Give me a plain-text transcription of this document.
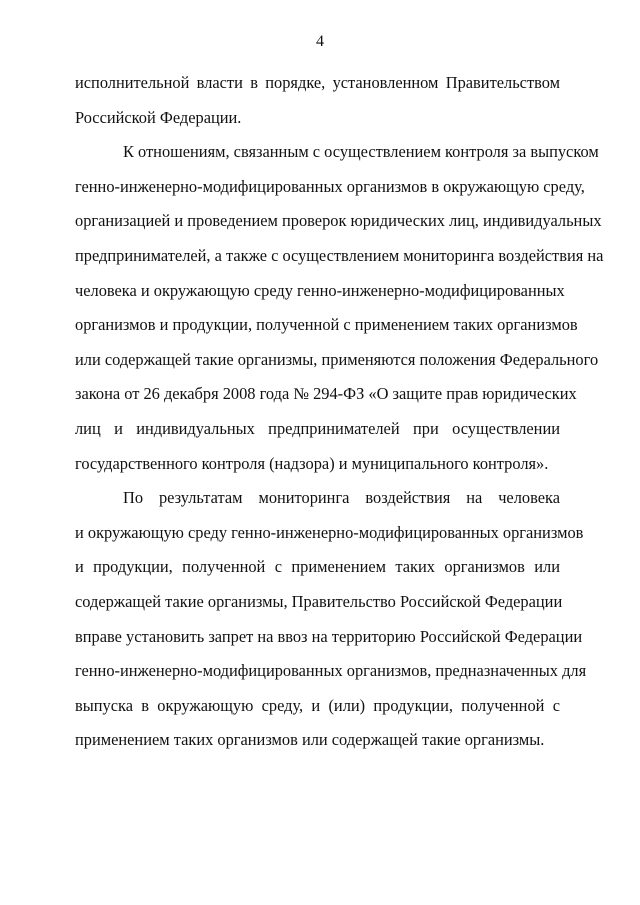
4
исполнительной власти в порядке, установленном Правительством
Российской Федерации.
К отношениям, связанным с осуществлением контроля за выпуском
генно-инженерно-модифицированных организмов в окружающую среду,
организацией и проведением проверок юридических лиц, индивидуальных
предпринимателей, а также с осуществлением мониторинга воздействия на
человека и окружающую среду генно-инженерно-модифицированных
организмов и продукции, полученной с применением таких организмов
или содержащей такие организмы, применяются положения Федерального
закона от 26 декабря 2008 года № 294-ФЗ «О защите прав юридических
лиц и индивидуальных предпринимателей при осуществлении
государственного контроля (надзора) и муниципального контроля».
По результатам мониторинга воздействия на человека
и окружающую среду генно-инженерно-модифицированных организмов
и продукции, полученной с применением таких организмов или
содержащей такие организмы, Правительство Российской Федерации
вправе установить запрет на ввоз на территорию Российской Федерации
генно-инженерно-модифицированных организмов, предназначенных для
выпуска в окружающую среду, и (или) продукции, полученной с
применением таких организмов или содержащей такие организмы.
